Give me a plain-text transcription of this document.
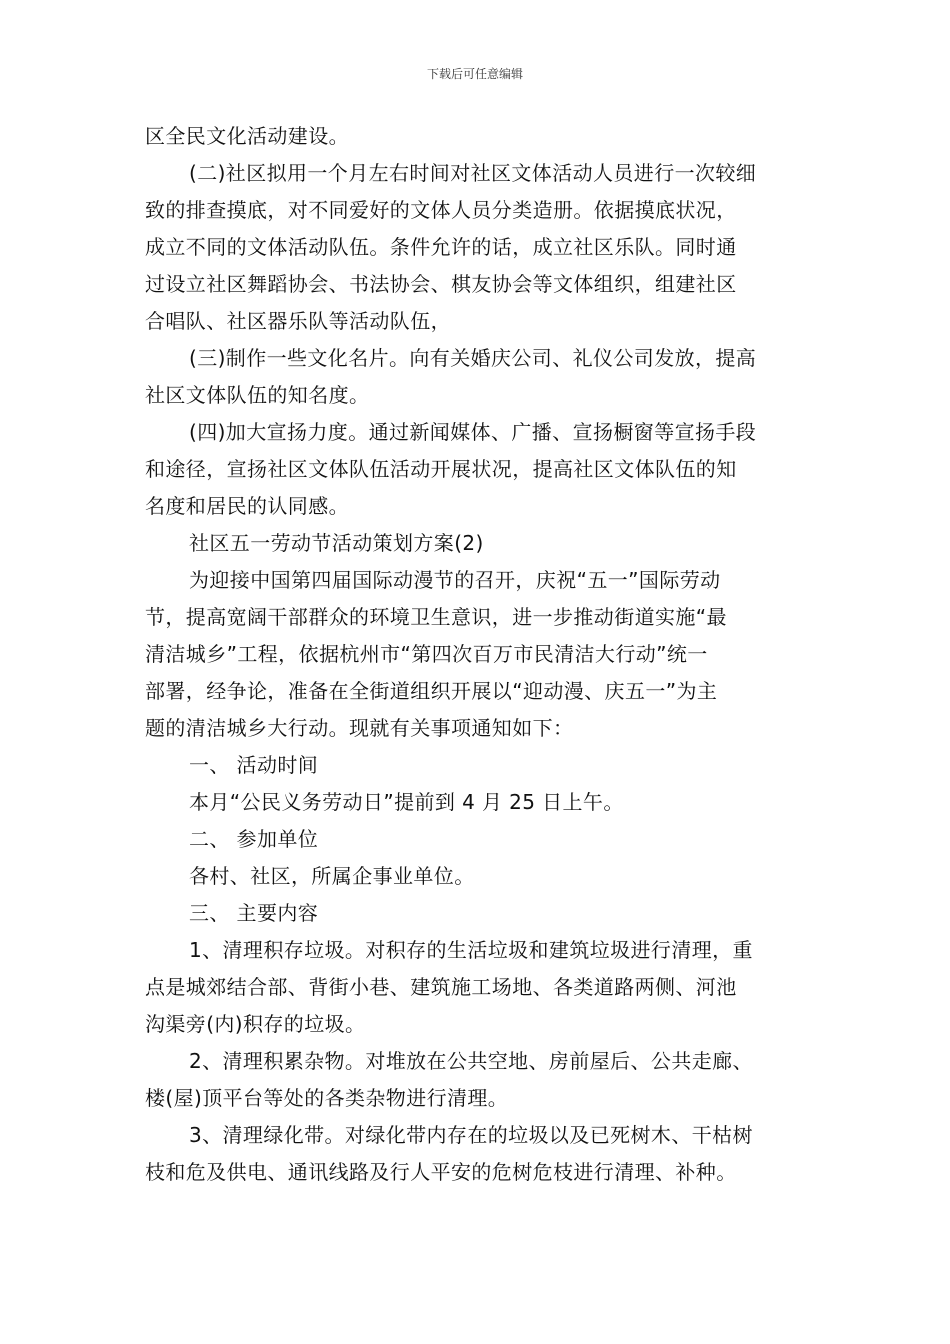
下载后可任意编辑
区全民文化活动建设。
(二)社区拟用一个月左右时间对社区文体活动人员进行一次较细
致的排查摸底，对不同爱好的文体人员分类造册。依据摸底状况，
成立不同的文体活动队伍。条件允许的话，成立社区乐队。同时通
过设立社区舞蹈协会、书法协会、棋友协会等文体组织，组建社区
合唱队、社区器乐队等活动队伍，
(三)制作一些文化名片。向有关婚庆公司、礼仪公司发放，提高
社区文体队伍的知名度。
(四)加大宣扬力度。通过新闻媒体、广播、宣扬橱窗等宣扬手段
和途径，宣扬社区文体队伍活动开展状况，提高社区文体队伍的知
名度和居民的认同感。
社区五一劳动节活动策划方案(2)
为迎接中国第四届国际动漫节的召开，庆祝“五一”国际劳动
节，提高宽阔干部群众的环境卫生意识，进一步推动街道实施“最
清洁城乡”工程，依据杭州市“第四次百万市民清洁大行动”统一
部署，经争论，准备在全街道组织开展以“迎动漫、庆五一”为主
题的清洁城乡大行动。现就有关事项通知如下：
一、 活动时间
本月“公民义务劳动日”提前到 4 月 25 日上午。
二、 参加单位
各村、社区，所属企事业单位。
三、 主要内容
1、清理积存垃圾。对积存的生活垃圾和建筑垃圾进行清理，重
点是城郊结合部、背街小巷、建筑施工场地、各类道路两侧、河池
沟渠旁(内)积存的垃圾。
2、清理积累杂物。对堆放在公共空地、房前屋后、公共走廊、
楼(屋)顶平台等处的各类杂物进行清理。
3、清理绿化带。对绿化带内存在的垃圾以及已死树木、干枯树
枝和危及供电、通讯线路及行人平安的危树危枝进行清理、补种。
